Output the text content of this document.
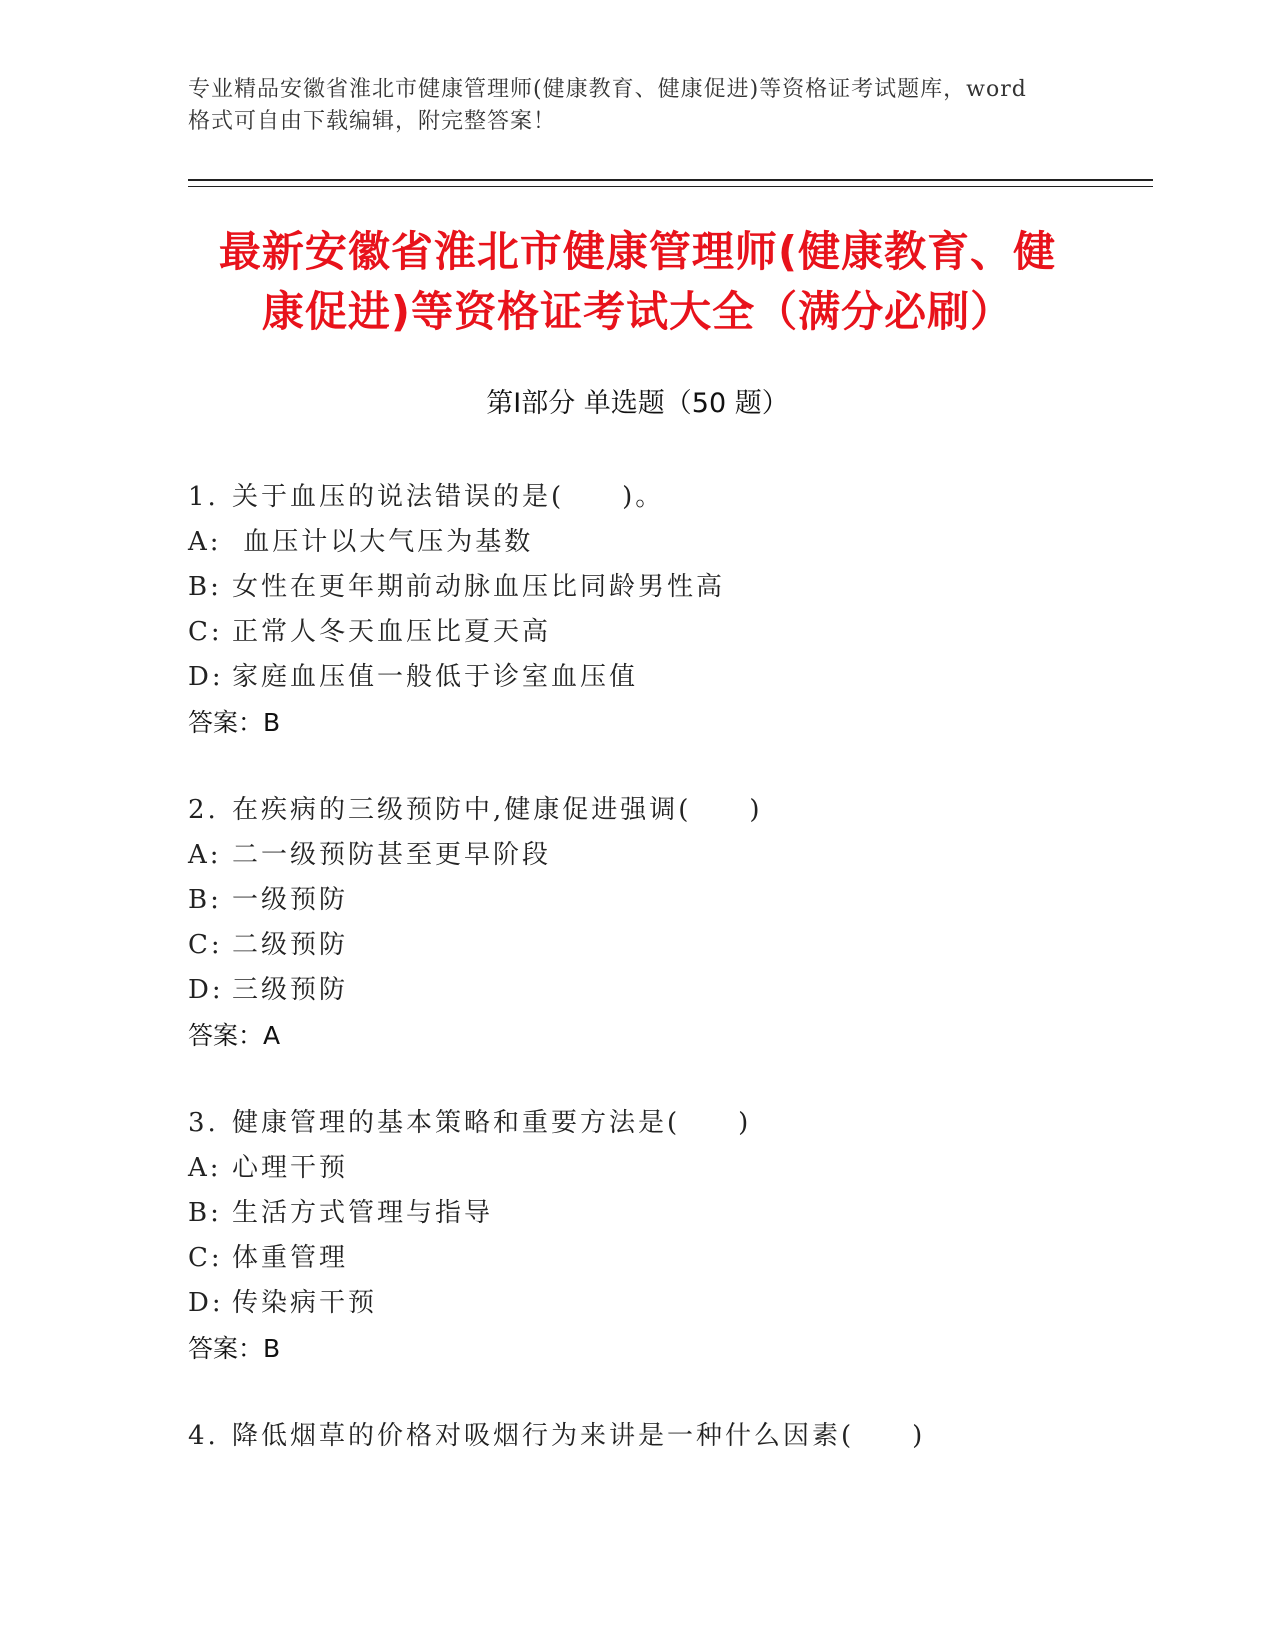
专业精品安徽省淮北市健康管理师(健康教育、健康促进)等资格证考试题库，word
格式可自由下载编辑，附完整答案！
最新安徽省淮北市健康管理师(健康教育、健
康促进)等资格证考试大全（满分必刷）
第Ⅰ部分 单选题（50 题）
1. 关于血压的说法错误的是(　　)。
A: 血压计以大气压为基数
B: 女性在更年期前动脉血压比同龄男性高
C: 正常人冬天血压比夏天高
D: 家庭血压值一般低于诊室血压值
答案：B
2. 在疾病的三级预防中,健康促进强调(　　)
A: 二一级预防甚至更早阶段
B: 一级预防
C: 二级预防
D: 三级预防
答案：A
3. 健康管理的基本策略和重要方法是(　　)
A: 心理干预
B: 生活方式管理与指导
C: 体重管理
D: 传染病干预
答案：B
4. 降低烟草的价格对吸烟行为来讲是一种什么因素(　　)
